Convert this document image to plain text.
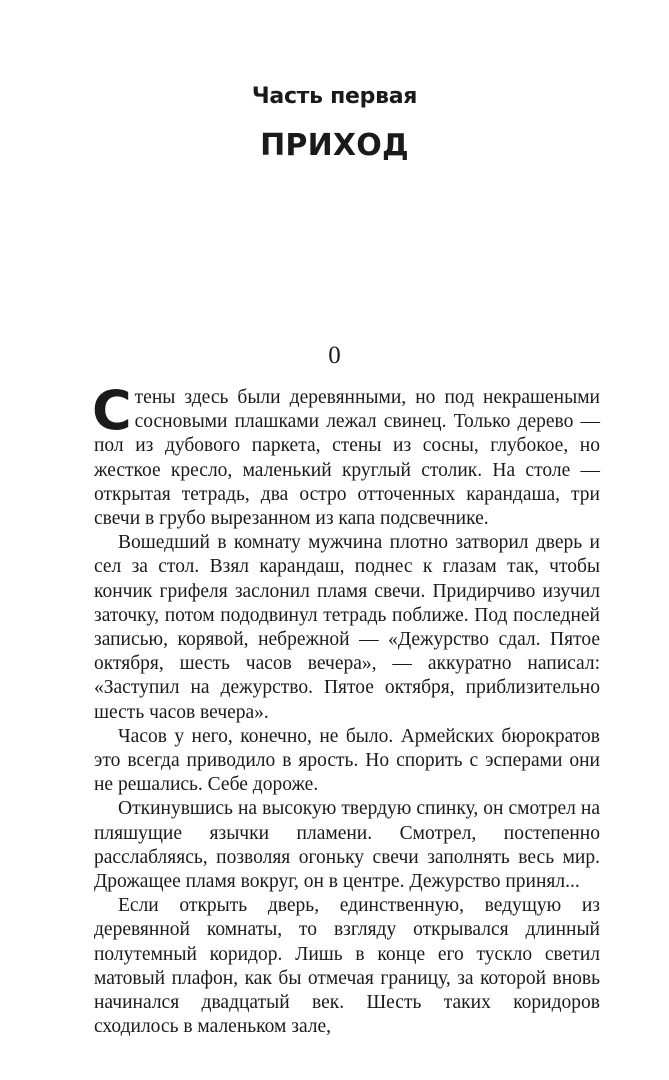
Часть первая
ПРИХОД
0

Стены здесь были деревянными, но под некрашеными сосновыми плашками лежал свинец. Только дерево — пол из дубового паркета, стены из сосны, глубокое, но жесткое кресло, маленький круглый столик. На столе — открытая тетрадь, два остро отточенных карандаша, три свечи в грубо вырезанном из капа подсвечнике.

Вошедший в комнату мужчина плотно затворил дверь и сел за стол. Взял карандаш, поднес к глазам так, чтобы кончик грифеля заслонил пламя свечи. Придирчиво изучил заточку, потом пододвинул тетрадь поближе. Под последней записью, корявой, небрежной — «Дежурство сдал. Пятое октября, шесть часов вечера», — аккуратно написал: «Заступил на дежурство. Пятое октября, приблизительно шесть часов вечера».

Часов у него, конечно, не было. Армейских бюрократов это всегда приводило в ярость. Но спорить с эсперами они не решались. Себе дороже.

Откинувшись на высокую твердую спинку, он смотрел на пляшущие язычки пламени. Смотрел, постепенно расслабляясь, позволяя огоньку свечи заполнять весь мир. Дрожащее пламя вокруг, он в центре. Дежурство принял...

Если открыть дверь, единственную, ведущую из деревянной комнаты, то взгляду открывался длинный полутемный коридор. Лишь в конце его тускло светил матовый плафон, как бы отмечая границу, за которой вновь начинался двадцатый век. Шесть таких коридоров сходилось в маленьком зале,
